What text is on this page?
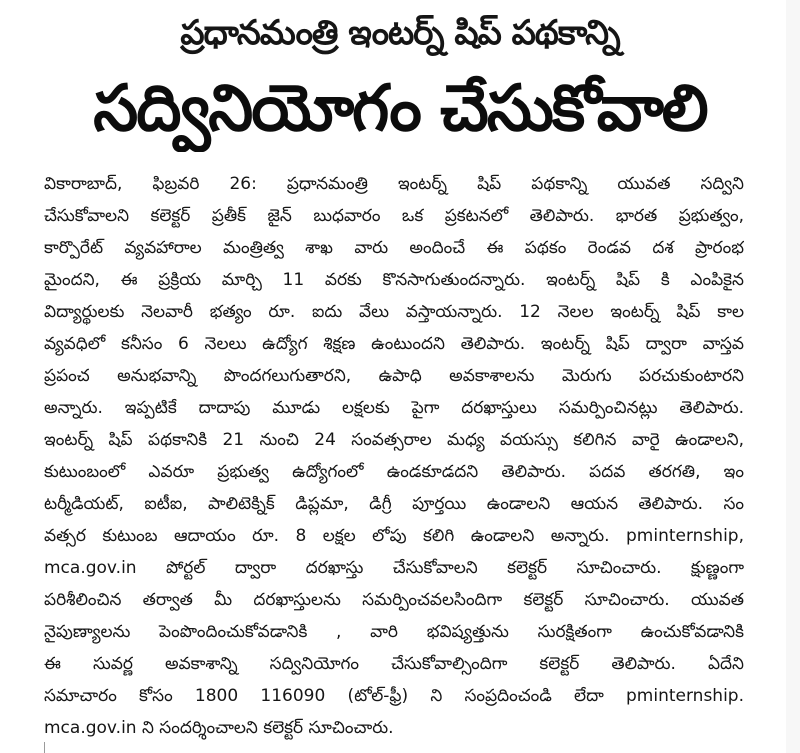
ప్రధానమంత్రి ఇంటర్న్ షిప్ పథకాన్ని
సద్వినియోగం చేసుకోవాలి
వికారాబాద్, ఫిబ్రవరి 26: ప్రధానమంత్రి ఇంటర్న్ షిప్ పథకాన్ని యువత సద్విని
చేసుకోవాలని కలెక్టర్ ప్రతీక్ జైన్ బుధవారం ఒక ప్రకటనలో తెలిపారు. భారత ప్రభుత్వం,
కార్పొరేట్ వ్యవహారాల మంత్రిత్వ శాఖ వారు అందించే ఈ పథకం రెండవ దశ ప్రారంభ
మైందని, ఈ ప్రక్రియ మార్చి 11 వరకు కొనసాగుతుందన్నారు. ఇంటర్న్ షిప్ కి ఎంపికైన
విద్యార్థులకు నెలవారీ భత్యం రూ. ఐదు వేలు వస్తాయన్నారు. 12 నెలల ఇంటర్న్ షిప్ కాల
వ్యవధిలో కనీసం 6 నెలలు ఉద్యోగ శిక్షణ ఉంటుందని తెలిపారు. ఇంటర్న్ షిప్ ద్వారా వాస్తవ
ప్రపంచ అనుభవాన్ని పొందగలుగుతారని, ఉపాధి అవకాశాలను మెరుగు పరచుకుంటారని
అన్నారు. ఇప్పటికే దాదాపు మూడు లక్షలకు పైగా దరఖాస్తులు సమర్పించినట్లు తెలిపారు.
ఇంటర్న్ షిప్ పథకానికి 21 నుంచి 24 సంవత్సరాల మధ్య వయస్సు కలిగిన వారై ఉండాలని,
కుటుంబంలో ఎవరూ ప్రభుత్వ ఉద్యోగంలో ఉండకూడదని తెలిపారు. పదవ తరగతి, ఇం
టర్మీడియట్, ఐటీఐ, పాలిటెక్నిక్ డిప్లమా, డిగ్రీ పూర్తయి ఉండాలని ఆయన తెలిపారు. సం
వత్సర కుటుంబ ఆదాయం రూ. 8 లక్షల లోపు కలిగి ఉండాలని అన్నారు. pminternship,
mca.gov.in పోర్టల్ ద్వారా దరఖాస్తు చేసుకోవాలని కలెక్టర్ సూచించారు. క్షుణ్ణంగా
పరిశీలించిన తర్వాత మీ దరఖాస్తులను సమర్పించవలసిందిగా కలెక్టర్ సూచించారు. యువత
నైపుణ్యాలను పెంపొందించుకోవడానికి , వారి భవిష్యత్తును సురక్షితంగా ఉంచుకోవడానికి
ఈ సువర్ణ అవకాశాన్ని సద్వినియోగం చేసుకోవాల్సిందిగా కలెక్టర్ తెలిపారు. ఏదేని
సమాచారం కోసం 1800 116090 (టోల్-ఫ్రీ) ని సంప్రదించండి లేదా pminternship.
mca.gov.in ని సందర్శించాలని కలెక్టర్ సూచించారు.
